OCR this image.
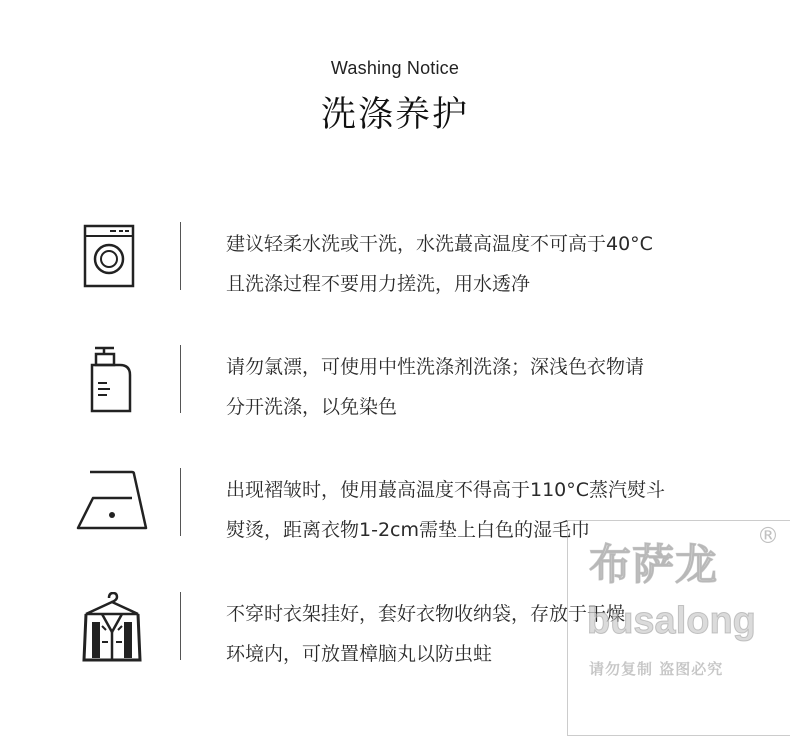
Washing Notice
洗涤养护
建议轻柔水洗或干洗，水洗蕞高温度不可高于40°C
且洗涤过程不要用力搓洗，用水透净
请勿氯漂，可使用中性洗涤剂洗涤；深浅色衣物请
分开洗涤，以免染色
出现褶皱时，使用蕞高温度不得高于110°C蒸汽熨斗
熨烫，距离衣物1-2cm需垫上白色的湿毛巾
不穿时衣架挂好，套好衣物收纳袋，存放于干燥
环境内，可放置樟脑丸以防虫蛀
布萨龙
®
busalong
请勿复制 盗图必究
